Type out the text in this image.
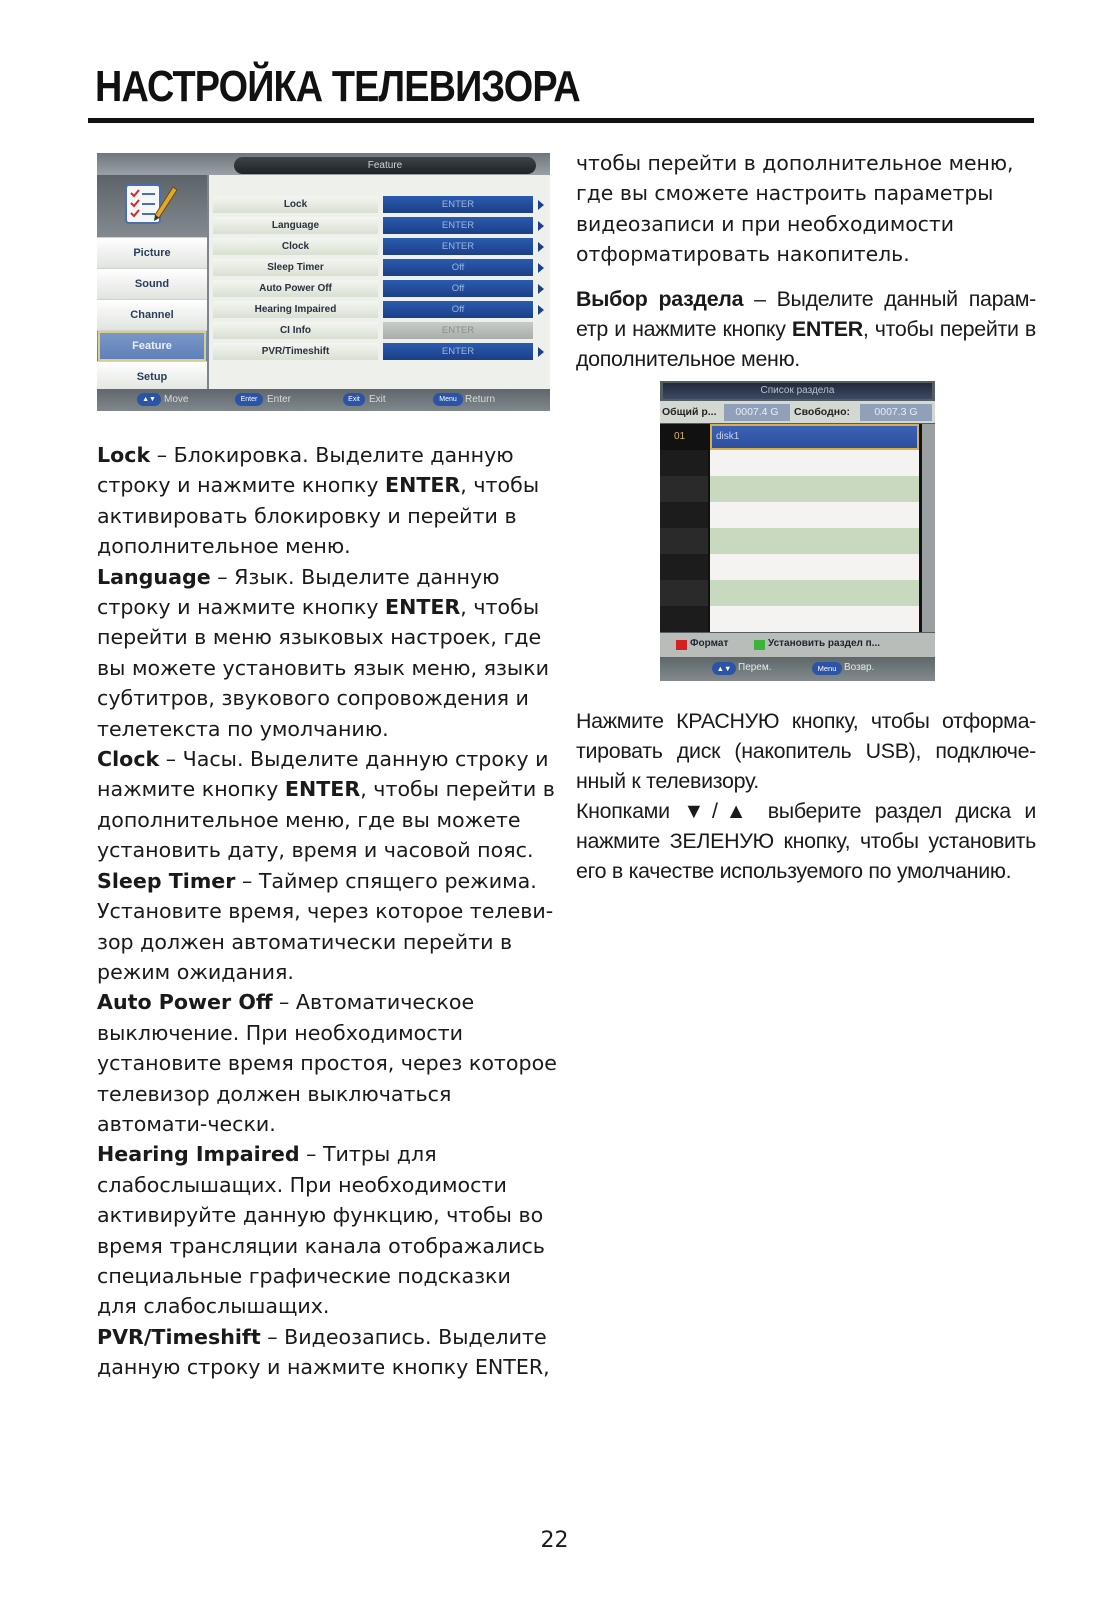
НАСТРОЙКА ТЕЛЕВИЗОРА
Feature
Picture
Sound
Channel
Feature
Setup
Lock	ENTER
Language	ENTER
Clock	ENTER
Sleep Timer	Off
Auto Power Off	Off
Hearing Impaired	Off
CI Info	ENTER
PVR/Timeshift	ENTER
▲▼ Move	Enter Enter	Exit Exit	Menu Return

Lock – Блокировка. Выделите данную строку и нажмите кнопку ENTER, чтобы активировать блокировку и перейти в дополнительное меню.

Language – Язык. Выделите данную строку и нажмите кнопку ENTER, чтобы перейти в меню языковых настроек, где вы можете установить язык меню, языки субтитров, звукового сопровождения и телетекста по умолчанию.

Clock – Часы. Выделите данную строку и нажмите кнопку ENTER, чтобы перейти в дополнительное меню, где вы можете установить дату, время и часовой пояс.

Sleep Timer – Таймер спящего режима. Установите время, через которое телеви-зор должен автоматически перейти в режим ожидания.

Auto Power Off – Автоматическое выключение. При необходимости установите время простоя, через которое телевизор должен выключаться автомати-чески.

Hearing Impaired – Титры для слабослышащих. При необходимости активируйте данную функцию, чтобы во время трансляции канала отображались специальные графические подсказки для слабослышащих.

PVR/Timeshift – Видеозапись. Выделите данную строку и нажмите кнопку ENTER,

чтобы перейти в дополнительное меню, где вы сможете настроить параметры видеозаписи и при необходимости отформатировать накопитель.

Выбор раздела – Выделите данный парам-етр и нажмите кнопку ENTER, чтобы перейти в дополнительное меню.

Список раздела
Общий р...	0007.4 G	Свободно:	0007.3 G
01	disk1
Формат	Установить раздел п...
▲▼ Перем.	Menu Возвр.

Нажмите КРАСНУЮ кнопку, чтобы отформа-тировать диск (накопитель USB), подключе-нный к телевизору.

Кнопками ▼/▲ выберите раздел диска и нажмите ЗЕЛЕНУЮ кнопку, чтобы установить его в качестве используемого по умолчанию.

22
